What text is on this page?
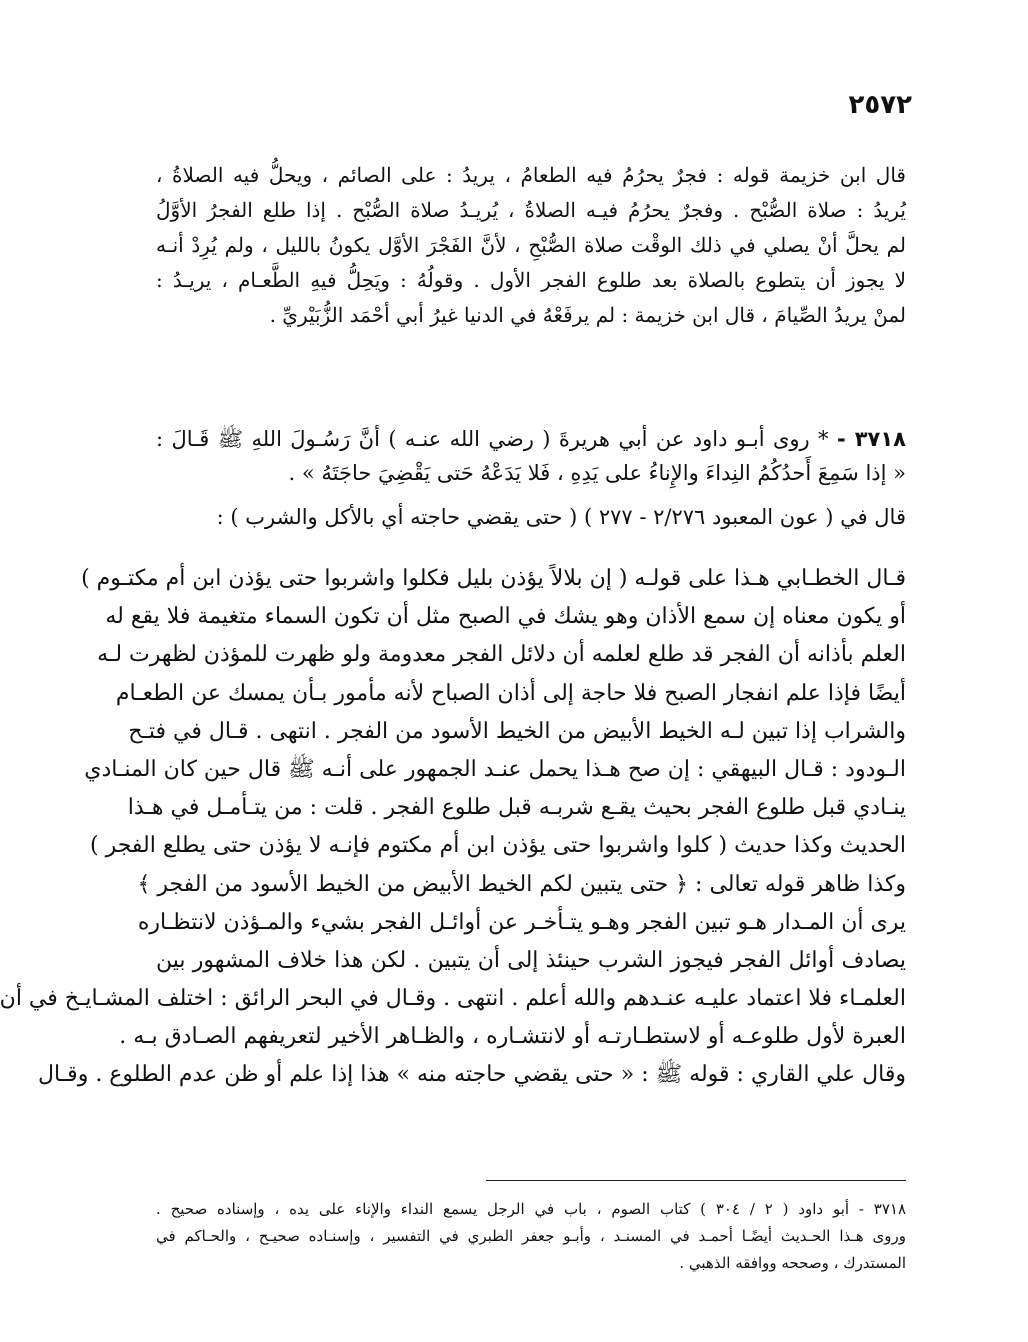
٢٥٧٢
قال ابن خزيمة قوله : فجرٌ يحرُمُ فيه الطعامُ ، يريدُ : على الصائم ، ويحلُّ فيه الصلاةُ ،
يُريدُ : صلاة الصُّبْح . وفجرٌ يحرُمُ فيـه الصلاةُ ، يُريـدُ صلاة الصُّبْح . إذا طلع الفجرُ الأوَّلُ
لم يحلَّ أنْ يصلي في ذلك الوقْت صلاة الصُّبْحِ ، لأنَّ الفَجْرَ الأوَّل يكونُ بالليل ، ولم يُرِدْ أنـه
لا يجوز أن يتطوع بالصلاة بعد طلوع الفجر الأول . وقولُهُ : ويَحِلُّ فيهِ الطَّعـام ، يريـدُ :
لمنْ يريدُ الصِّيامَ ، قال ابن خزيمة : لم يرفَعْهُ في الدنيا غيرُ أبي أحْمَد الزُّبَيْريِّ .
٣٧١٨ - * روى أبـو داود عن أبي هريرةَ ( رضي الله عنـه ) أنَّ رَسُـولَ اللهِ ﷺ قَـالَ :
« إذا سَمِعَ أَحدُكُمُ النِداءَ والإِناءُ على يَدِهِ ، فَلا يَدَعْهُ حَتى يَقْضِيَ حاجَتَهُ » .
قال في ( عون المعبود ٢/٢٧٦ - ٢٧٧ ) ( حتى يقضي حاجته أي بالأكل والشرب ) :
قـال الخطـابي هـذا على قولـه ( إن بلالاً يؤذن بليل فكلوا واشربوا حتى يؤذن ابن أم مكتـوم )
أو يكون معناه إن سمع الأذان وهو يشك في الصبح مثل أن تكون السماء متغيمة فلا يقع له
العلم بأذانه أن الفجر قد طلع لعلمه أن دلائل الفجر معدومة ولو ظهرت للمؤذن لظهرت لـه
أيضًا فإذا علم انفجار الصبح فلا حاجة إلى أذان الصباح لأنه مأمور بـأن يمسك عن الطعـام
والشراب إذا تبين لـه الخيط الأبيض من الخيط الأسود من الفجر . انتهى . قـال في فتـح
الـودود : قـال البيهقي : إن صح هـذا يحمل عنـد الجمهور على أنـه ﷺ قال حين كان المنـادي
ينـادي قبل طلوع الفجر بحيث يقـع شربـه قبل طلوع الفجر . قلت : من يتـأمـل في هـذا
الحديث وكذا حديث ( كلوا واشربوا حتى يؤذن ابن أم مكتوم فإنـه لا يؤذن حتى يطلع الفجر )
وكذا ظاهر قوله تعالى : ﴿ حتى يتبين لكم الخيط الأبيض من الخيط الأسود من الفجر ﴾
يرى أن المـدار هـو تبين الفجر وهـو يتـأخـر عن أوائـل الفجر بشيء والمـؤذن لانتظـاره
يصادف أوائل الفجر فيجوز الشرب حينئذ إلى أن يتبين . لكن هذا خلاف المشهور بين
العلمـاء فلا اعتماد عليـه عنـدهم والله أعلم . انتهى . وقـال في البحر الرائق : اختلف المشـايـخ في أن
العبرة لأول طلوعـه أو لاستطـارتـه أو لانتشـاره ، والظـاهر الأخير لتعريفهم الصـادق بـه .
وقال علي القاري : قوله ﷺ : « حتى يقضي حاجته منه » هذا إذا علم أو ظن عدم الطلوع . وقـال
٣٧١٨ - أبو داود ( ٢ / ٣٠٤ ) كتاب الصوم ، باب في الرجل يسمع النداء والإناء على يده ، وإسناده صحيح .
وروى هـذا الحـديث أيضًـا أحمـد في المسنـد ، وأبـو جعفر الطبري في التفسير ، وإسنـاده صحيـح ، والحـاكم في
المستدرك ، وصححه ووافقه الذهبي .
